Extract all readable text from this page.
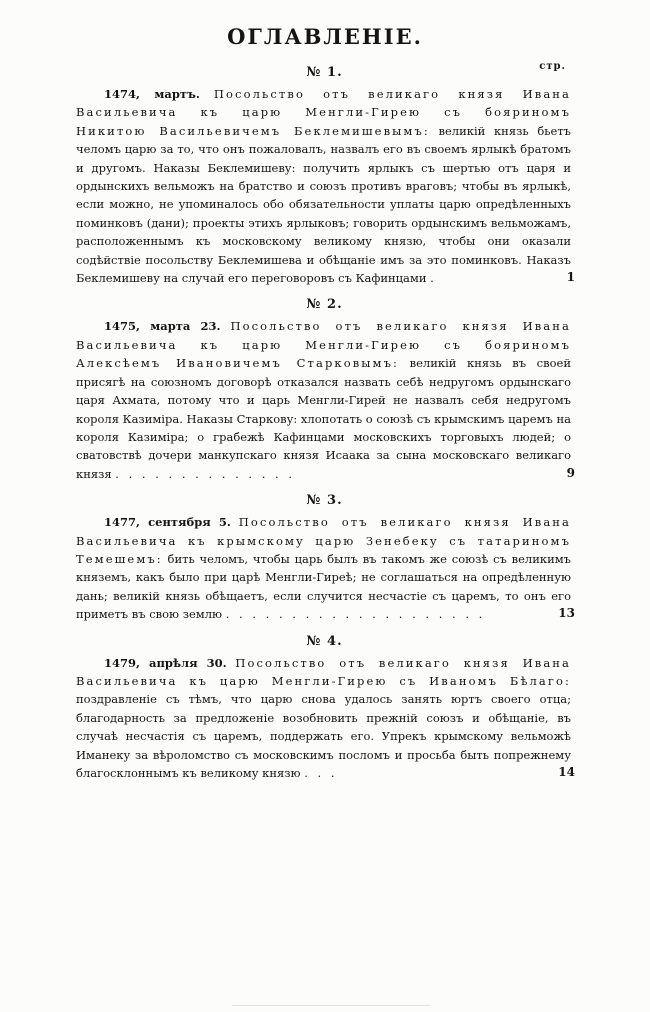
ОГЛАВЛЕНІЕ.
стр.
№ 1.
1474, мартъ. Посольство отъ великаго князя Ивана Васильевича къ царю Менгли-Гирею съ бояриномъ Никитою Васильевичемъ Беклемишевымъ: великій князь бьетъ челомъ царю за то, что онъ пожаловалъ, назвалъ его въ своемъ ярлыкѣ братомъ и другомъ. Наказы Беклемишеву: получить ярлыкъ съ шертью отъ царя и ордынскихъ вельможъ на братство и союзъ противъ враговъ; чтобы въ ярлыкѣ, если можно, не упоминалось обо обязательности уплаты царю опредѣленныхъ поминковъ (дани); проекты этихъ ярлыковъ; говорить ордынскимъ вельможамъ, расположеннымъ къ московскому великому князю, чтобы они оказали содѣйствіе посольству Беклемишева и обѣщаніе имъ за это поминковъ. Наказъ Беклемишеву на случай его переговоровъ съ Кафинцами .	1
№ 2.
1475, марта 23. Посольство отъ великаго князя Ивана Васильевича къ царю Менгли-Гирею съ бояриномъ Алексѣемъ Ивановичемъ Старковымъ: великій князь въ своей присягѣ на союзномъ договорѣ отказался назвать себѣ недругомъ ордынскаго царя Ахмата, потому что и царь Менгли-Гирей не назвалъ себя недругомъ короля Казиміра. Наказы Старкову: хлопотать о союзѣ съ крымскимъ царемъ на короля Казиміра; о грабежѣ Кафинцами московскихъ торговыхъ людей; о сватовствѣ дочери манкупскаго князя Исаака за сына московскаго великаго князя . . . . . . . . . . . . . .	9
№ 3.
1477, сентября 5. Посольство отъ великаго князя Ивана Васильевича къ крымскому царю Зенебеку съ татариномъ Темешемъ: бить челомъ, чтобы царь былъ въ такомъ же союзѣ съ великимъ княземъ, какъ было при царѣ Менгли-Гиреѣ; не соглашаться на опредѣленную дань; великій князь обѣщаетъ, если случится несчастіе съ царемъ, то онъ его приметъ въ свою землю . . . . . . . . . . . . . . . . . . . .	13
№ 4.
1479, апрѣля 30. Посольство отъ великаго князя Ивана Васильевича къ царю Менгли-Гирею съ Иваномъ Бѣлаго: поздравленіе съ тѣмъ, что царю снова удалось занять юртъ своего отца; благодарность за предложеніе возобновить прежній союзъ и обѣщаніе, въ случаѣ несчастія съ царемъ, поддержать его. Упрекъ крымскому вельможѣ Иманеку за вѣроломство съ московскимъ посломъ и просьба быть попрежнему благосклоннымъ къ великому князю . . .	14
